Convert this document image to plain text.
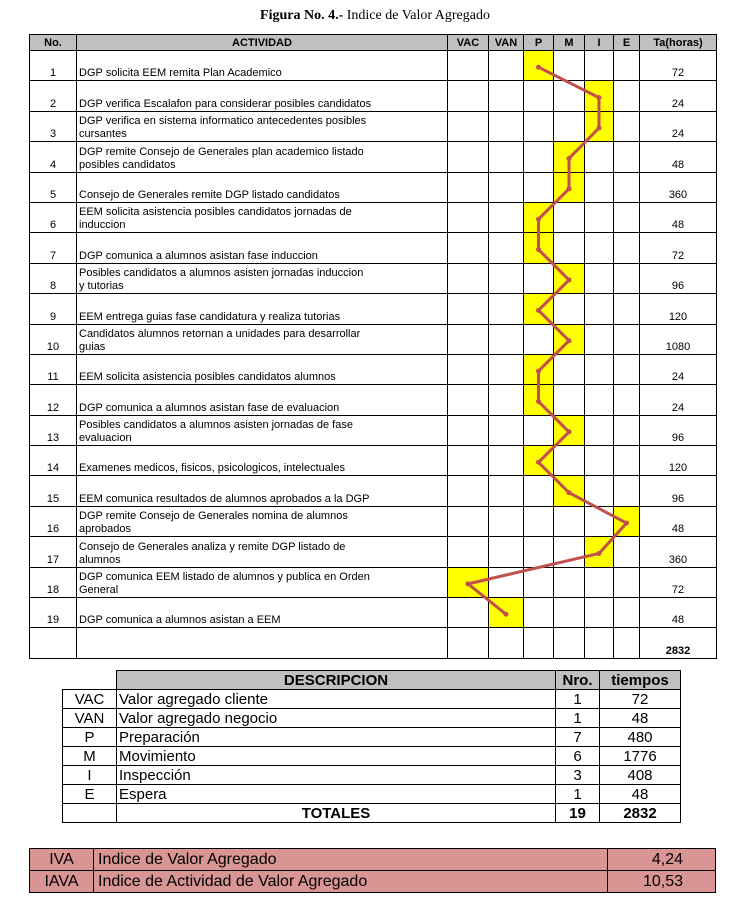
Figura No. 4.- Indice de Valor Agregado
No.	ACTIVIDAD	VAC	VAN	P	M	I	E	Ta(horas)
1	DGP solicita EEM remita Plan Academico							72
2	DGP verifica Escalafon para considerar posibles candidatos							24
3	DGP verifica en sistema informatico antecedentes posibles
cursantes							24
4	DGP remite Consejo de Generales plan academico listado
posibles candidatos							48
5	Consejo de Generales remite DGP listado candidatos							360
6	EEM solicita asistencia posibles candidatos jornadas de
induccion							48
7	DGP comunica a alumnos asistan fase induccion							72
8	Posibles candidatos a alumnos asisten jornadas induccion
y tutorias							96
9	EEM entrega guias fase candidatura y realiza tutorias							120
10	Candidatos alumnos retornan a unidades para desarrollar
guias							1080
11	EEM solicita asistencia posibles candidatos alumnos							24
12	DGP comunica a alumnos asistan fase de evaluacion							24
13	Posibles candidatos a alumnos asisten jornadas de fase
evaluacion							96
14	Examenes medicos, fisicos, psicologicos, intelectuales							120
15	EEM comunica resultados de alumnos aprobados a la DGP							96
16	DGP remite Consejo de Generales nomina de alumnos
aprobados							48
17	Consejo de Generales analiza y remite DGP listado de
alumnos							360
18	DGP comunica EEM listado de alumnos y publica en Orden
General							72
19	DGP comunica a alumnos asistan a EEM							48
								2832
	DESCRIPCION	Nro.	tiempos
VAC	Valor agregado cliente	1	72
VAN	Valor agregado negocio	1	48
P	Preparación	7	480
M	Movimiento	6	1776
I	Inspección	3	408
E	Espera	1	48
	TOTALES	19	2832
IVA	Indice de Valor Agregado	4,24
IAVA	Indice de Actividad de Valor Agregado	10,53
